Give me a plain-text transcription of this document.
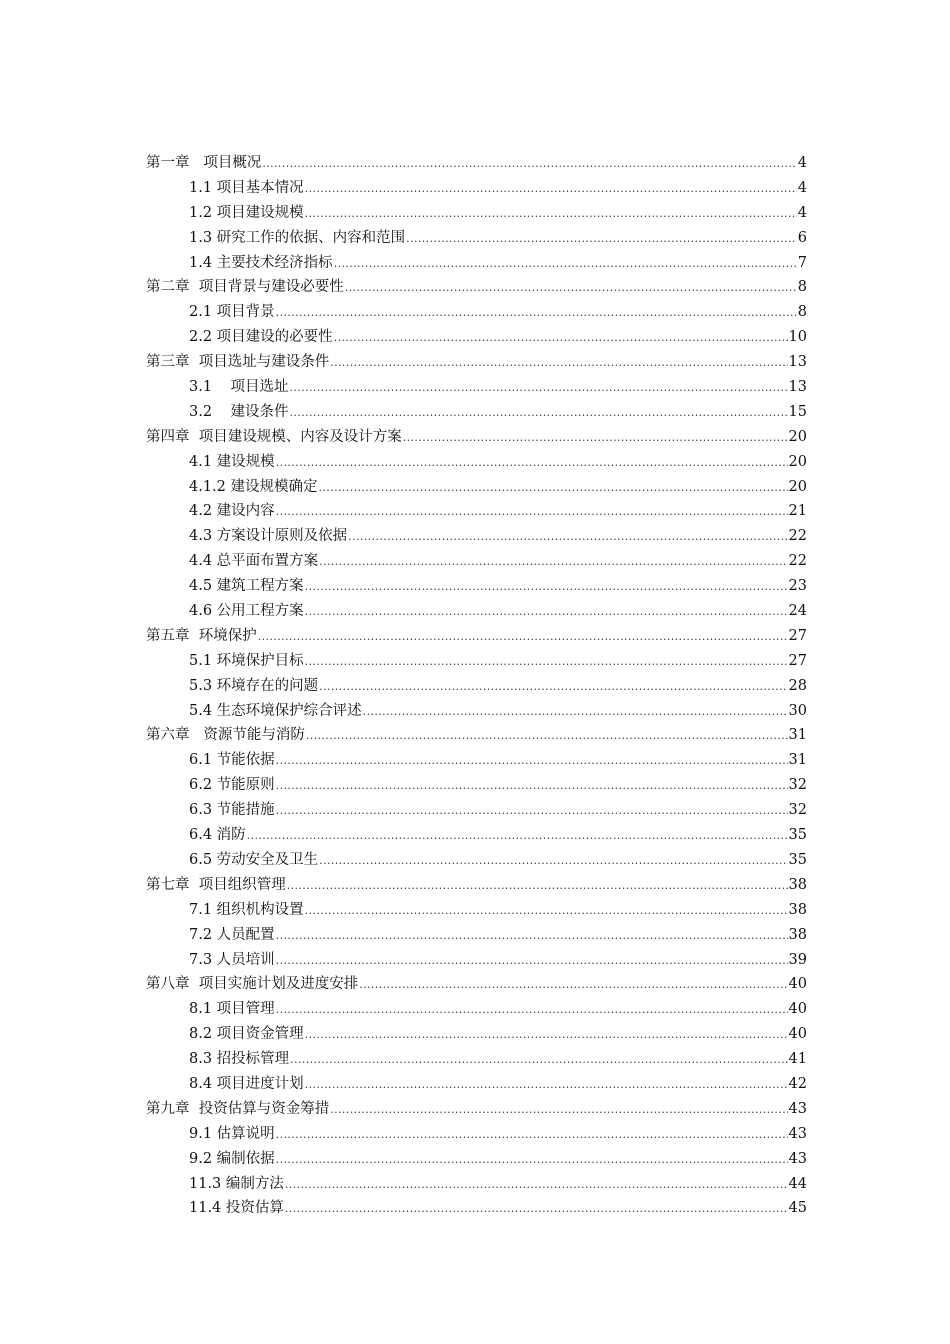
第一章   项目概况 .....	4
1.1 项目基本情况 .....	4
1.2 项目建设规模 .....	4
1.3 研究工作的依据、内容和范围 .....	6
1.4 主要技术经济指标 .....	7
第二章  项目背景与建设必要性 .....	8
2.1 项目背景 .....	8
2.2 项目建设的必要性 .....	10
第三章  项目选址与建设条件 .....	13
3.1    项目选址 .....	13
3.2    建设条件 .....	15
第四章  项目建设规模、内容及设计方案 .....	20
4.1 建设规模 .....	20
4.1.2 建设规模确定 .....	20
4.2 建设内容 .....	21
4.3 方案设计原则及依据 .....	22
4.4 总平面布置方案 .....	22
4.5 建筑工程方案 .....	23
4.6 公用工程方案 .....	24
第五章  环境保护 .....	27
5.1 环境保护目标 .....	27
5.3 环境存在的问题 .....	28
5.4 生态环境保护综合评述 .....	30
第六章   资源节能与消防 .....	31
6.1 节能依据 .....	31
6.2 节能原则 .....	32
6.3 节能措施 .....	32
6.4 消防 .....	35
6.5 劳动安全及卫生 .....	35
第七章  项目组织管理 .....	38
7.1 组织机构设置 .....	38
7.2 人员配置 .....	38
7.3 人员培训 .....	39
第八章  项目实施计划及进度安排 .....	40
8.1 项目管理 .....	40
8.2 项目资金管理 .....	40
8.3 招投标管理 .....	41
8.4 项目进度计划 .....	42
第九章  投资估算与资金筹措 .....	43
9.1 估算说明 .....	43
9.2 编制依据 .....	43
11.3 编制方法 .....	44
11.4 投资估算 .....	45
